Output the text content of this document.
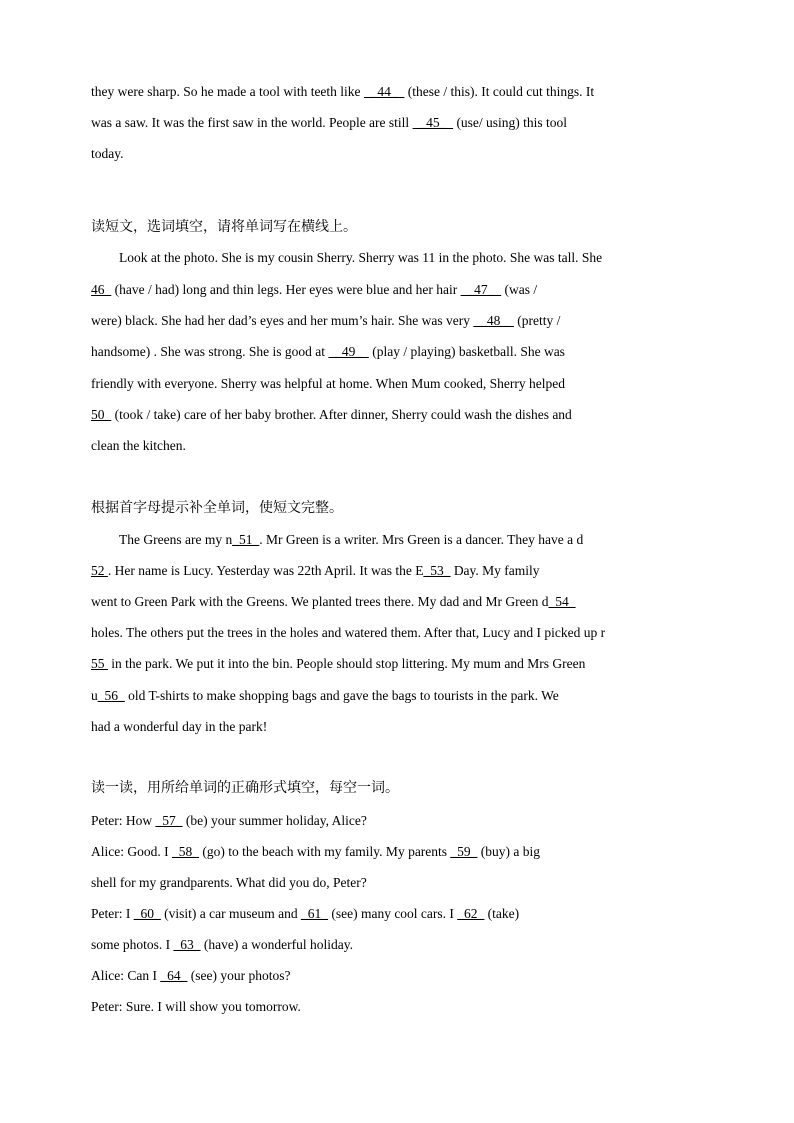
they were sharp. So he made a tool with teeth like   _44_   (these / this). It could cut things. It
was a saw. It was the first saw in the world. People are still   _45_   (use/ using) this tool
today.
读短文，选词填空，请将单词写在横线上。
Look at the photo. She is my cousin Sherry. Sherry was 11 in the photo. She was tall. She
46   (have / had) long and thin legs. Her eyes were blue and her hair   _47_   (was /
were) black. She had her dad’s eyes and her mum’s hair. She was very   _48_   (pretty /
handsome) . She was strong. She is good at   _49_   (play / playing) basketball. She was
friendly with everyone. Sherry was helpful at home. When Mum cooked, Sherry helped
50   (took / take) care of her baby brother. After dinner, Sherry could wash the dishes and
clean the kitchen.
根据首字母提示补全单词，使短文完整。
The Greens are my n_51_. Mr Green is a writer. Mrs Green is a dancer. They have a d
52 . Her name is Lucy. Yesterday was 22th April. It was the E_53_ Day. My family
went to Green Park with the Greens. We planted trees there. My dad and Mr Green d_54_
holes. The others put the trees in the holes and watered them. After that, Lucy and I picked up r
55  in the park. We put it into the bin. People should stop littering. My mum and Mrs Green
u_56_ old T-shirts to make shopping bags and gave the bags to tourists in the park. We
had a wonderful day in the park!
读一读，用所给单词的正确形式填空，每空一词。
Peter: How _57_ (be) your summer holiday, Alice?
Alice: Good. I _58_ (go) to the beach with my family. My parents _59_ (buy) a big
shell for my grandparents. What did you do, Peter?
Peter: I _60_ (visit) a car museum and _61_ (see) many cool cars. I _62_ (take)
some photos. I _63_ (have) a wonderful holiday.
Alice: Can I _64_ (see) your photos?
Peter: Sure. I will show you tomorrow.
